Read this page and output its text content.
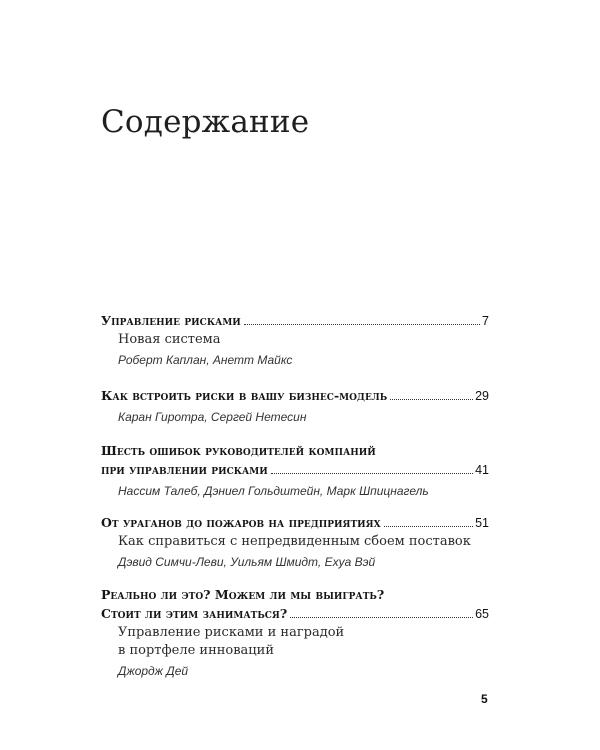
Содержание
Управление рисками	7
Новая система
Роберт Каплан, Анетт Майкс
Как встроить риски в вашу бизнес-модель	29
Каран Гиротра, Сергей Нетесин
Шесть ошибок руководителей компаний
при управлении рисками	41
Нассим Талеб, Дэниел Гольдштейн, Марк Шпицнагель
От ураганов до пожаров на предприятиях	51
Как справиться с непредвиденным сбоем поставок
Дэвид Симчи-Леви, Уильям Шмидт, Ехуа Вэй
Реально ли это? Можем ли мы выиграть?
Стоит ли этим заниматься?	65
Управление рисками и наградой
в портфеле инноваций
Джордж Дей
5
